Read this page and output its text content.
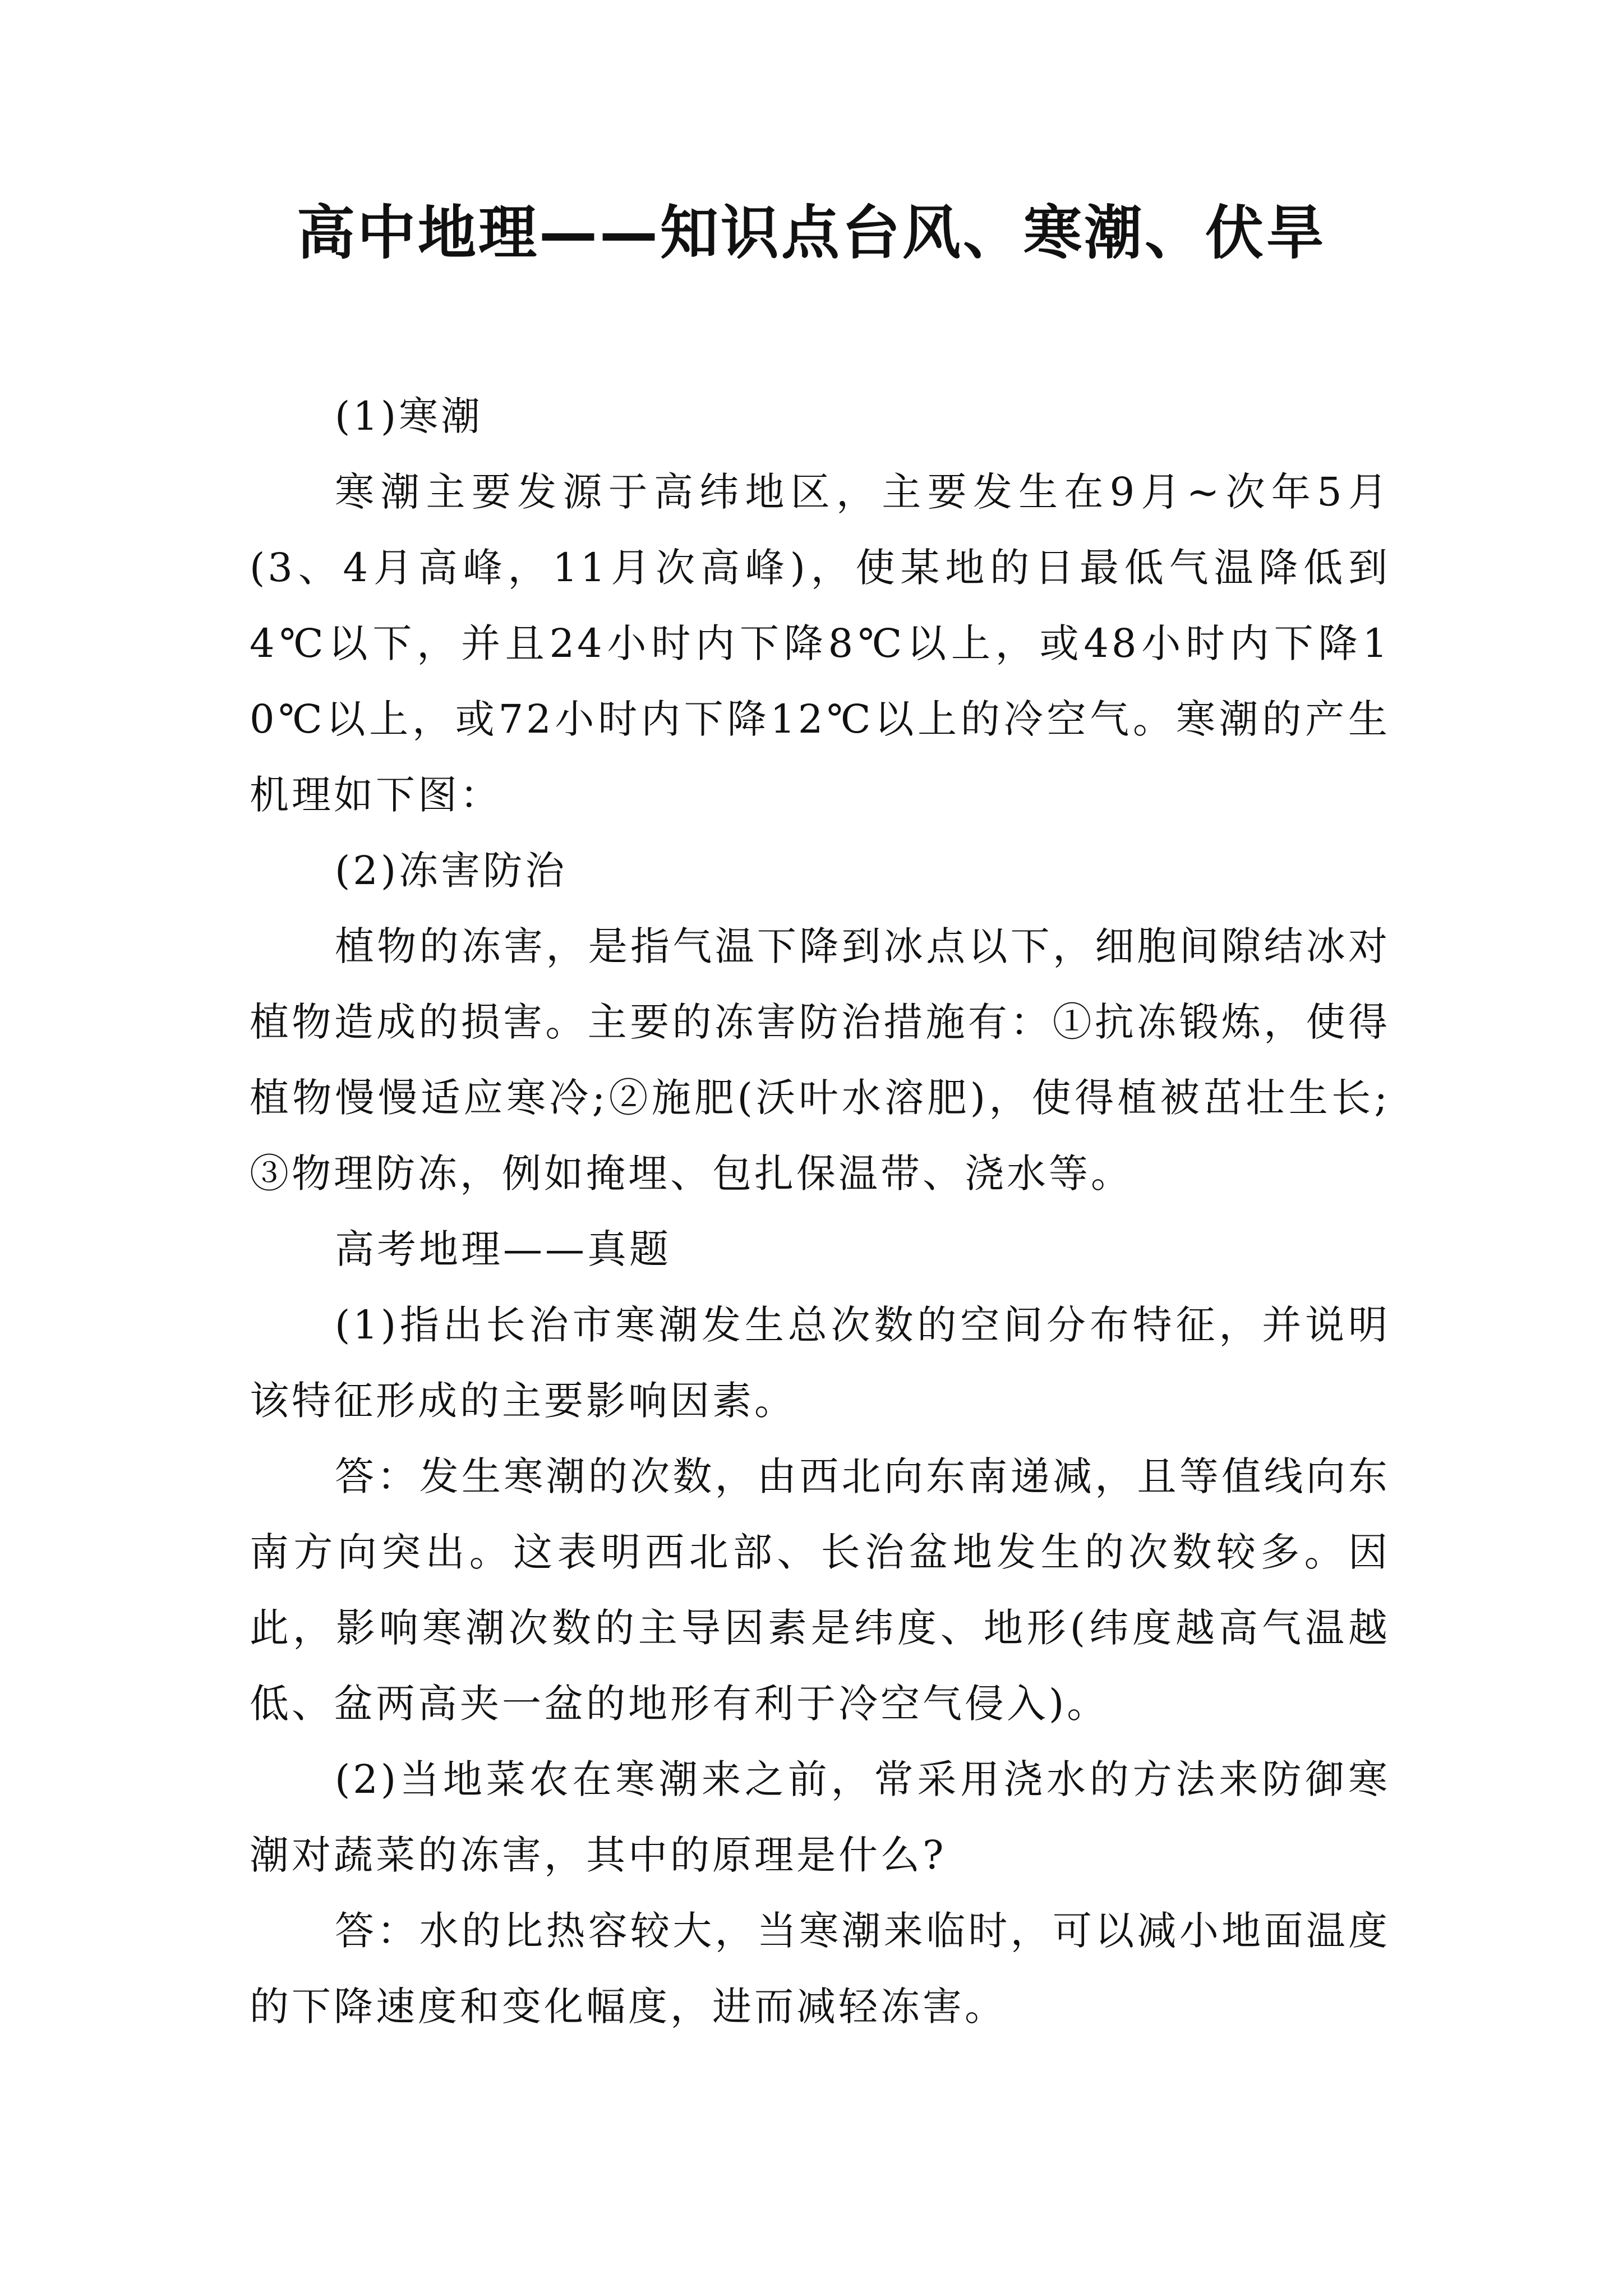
高中地理——知识点台风、寒潮、伏旱

(1)寒潮

寒潮主要发源于高纬地区，主要发生在9月~次年5月(3、4月高峰，11月次高峰)，使某地的日最低气温降低到4℃以下，并且24小时内下降8℃以上，或48小时内下降10℃以上，或72小时内下降12℃以上的冷空气。寒潮的产生机理如下图：

(2)冻害防治

植物的冻害，是指气温下降到冰点以下，细胞间隙结冰对植物造成的损害。主要的冻害防治措施有：①抗冻锻炼，使得植物慢慢适应寒冷;②施肥(沃叶水溶肥)，使得植被茁壮生长;③物理防冻，例如掩埋、包扎保温带、浇水等。

高考地理——真题

(1)指出长治市寒潮发生总次数的空间分布特征，并说明该特征形成的主要影响因素。

答：发生寒潮的次数，由西北向东南递减，且等值线向东南方向突出。这表明西北部、长治盆地发生的次数较多。因此，影响寒潮次数的主导因素是纬度、地形(纬度越高气温越低、盆两高夹一盆的地形有利于冷空气侵入)。

(2)当地菜农在寒潮来之前，常采用浇水的方法来防御寒潮对蔬菜的冻害，其中的原理是什么?

答：水的比热容较大，当寒潮来临时，可以减小地面温度的下降速度和变化幅度，进而减轻冻害。
